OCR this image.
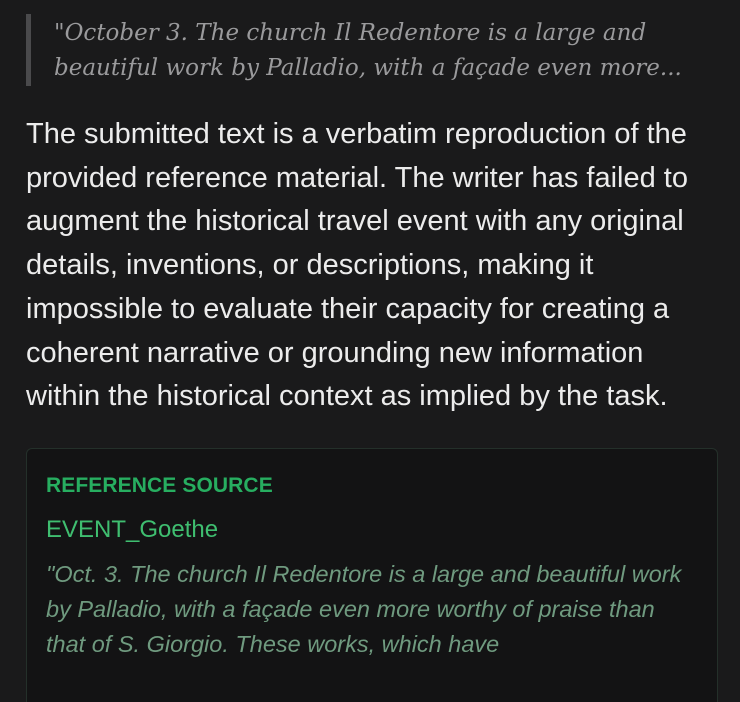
"October 3. The church Il Redentore is a large and

beautiful work by Palladio, with a façade even more...

The submitted text is a verbatim reproduction of the provided reference material. The writer has failed to augment the historical travel event with any original details, inventions, or descriptions, making it impossible to evaluate their capacity for creating a coherent narrative or grounding new information within the historical context as implied by the task.
REFERENCE SOURCE
EVENT_Goethe
"Oct. 3. The church Il Redentore is a large and beautiful work by Palladio, with a façade even more worthy of praise than that of S. Giorgio. These works, which have
